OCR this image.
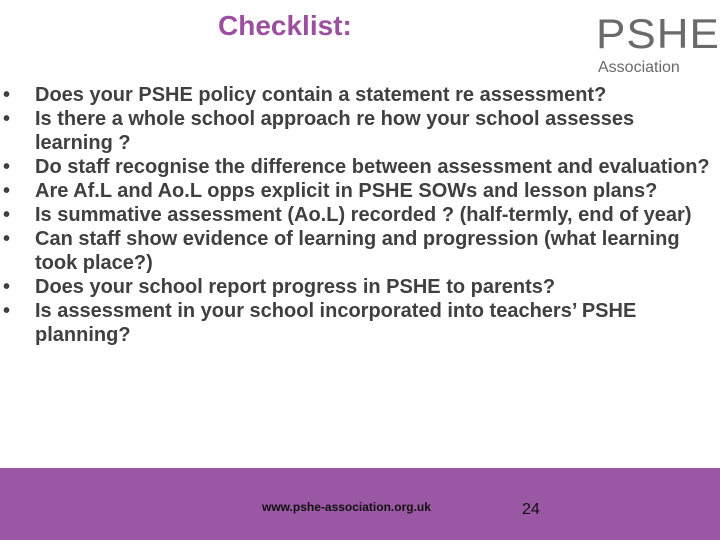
Checklist:	PSHE
Association
•	Does your PSHE policy contain a statement re assessment?
•	Is there a whole school approach re how your school assesses learning ?
•	Do staff recognise the difference between assessment and evaluation?
•	Are Af.L and Ao.L opps explicit in PSHE SOWs and lesson plans?
•	Is summative assessment (Ao.L) recorded ? (half-termly, end of year)
•	Can staff show evidence of learning and progression (what learning took place?)
•	Does your school report progress in PSHE to parents?
•	Is assessment in your school incorporated into teachers’ PSHE planning?
www.pshe-association.org.uk	24
